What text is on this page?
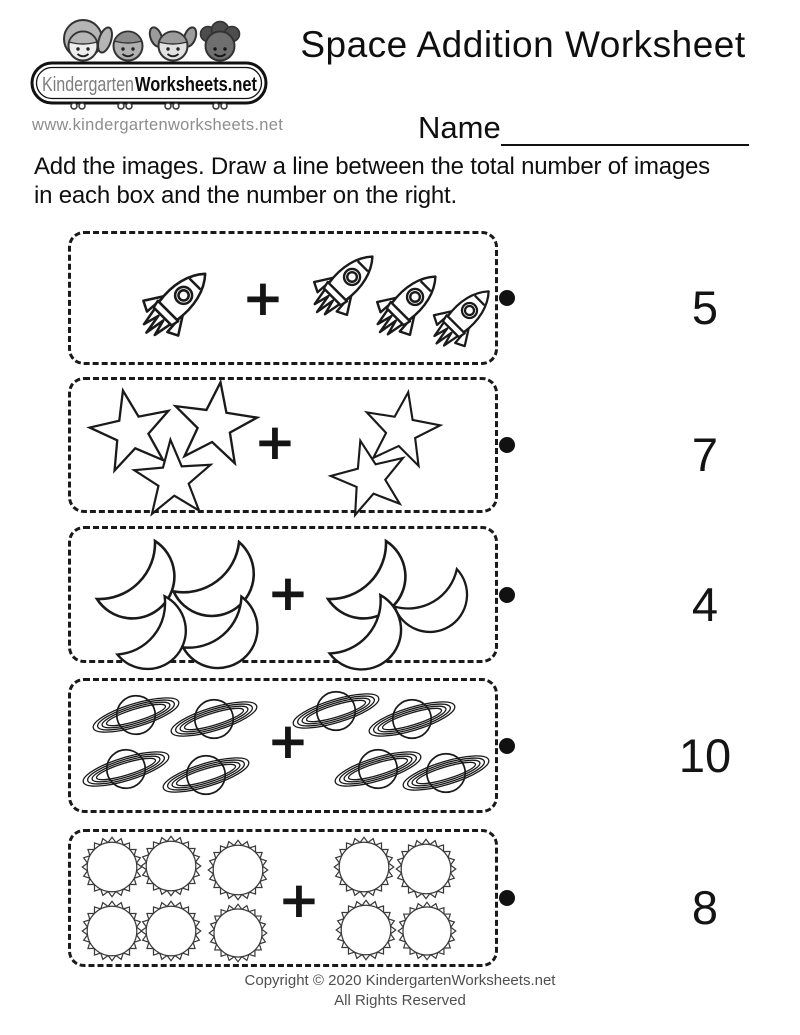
Kindergarten Worksheets.net
www.kindergartenworksheets.net
Space Addition Worksheet
Name
Add the images. Draw a line between the total number of images
in each box and the number on the right.
+	5
+	7
+	4
+	10
+	8
Copyright © 2020 KindergartenWorksheets.net
All Rights Reserved
